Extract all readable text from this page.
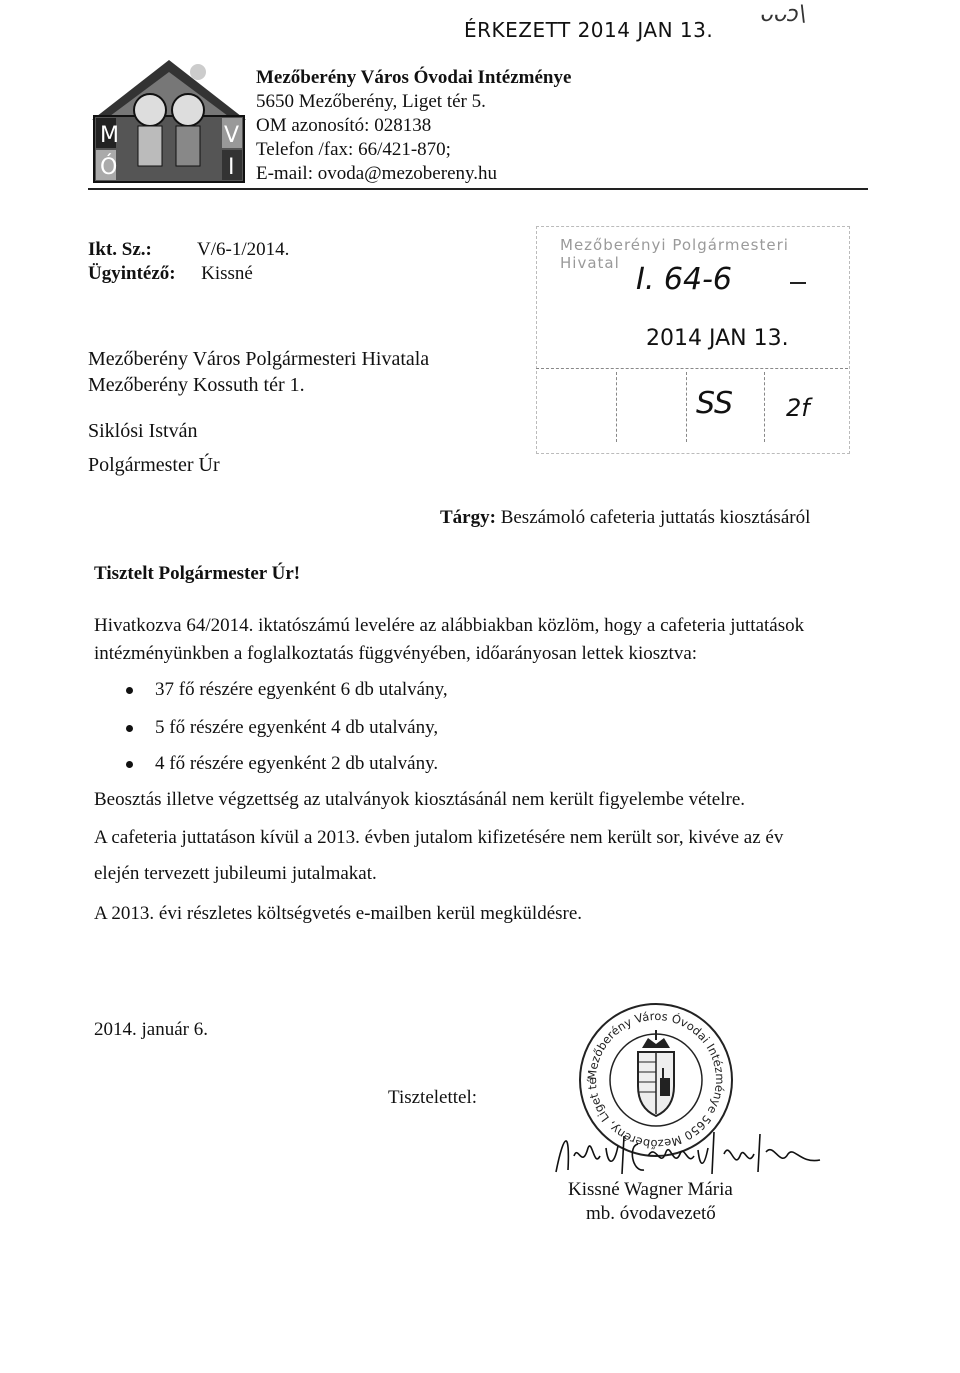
ÉRKEZETT 2014 JAN 13.
ᴗᴗɔ\
M	V
Ó	I
Mezőberény Város Óvodai Intézménye
5650 Mezőberény, Liget tér 5.
OM azonosító: 028138
Telefon /fax: 66/421-870;
E-mail: ovoda@mezobereny.hu
Ikt. Sz.: V/6-1/2014.
Ügyintéző: Kissné
Mezőberényi Polgármesteri Hivatal I. 64-6
2014 JAN 13.
SS 2f
Mezőberény Város Polgármesteri Hivatala
Mezőberény Kossuth tér 1.
Siklósi István
Polgármester Úr
Tárgy: Beszámoló cafeteria juttatás kiosztásáról
Tisztelt Polgármester Úr!
Hivatkozva 64/2014. iktatószámú levelére az alábbiakban közlöm, hogy a cafeteria juttatások
intézményünkben a foglalkoztatás függvényében, időarányosan lettek kiosztva:
37 fő részére egyenként 6 db utalvány,
5 fő részére egyenként 4 db utalvány,
4 fő részére egyenként 2 db utalvány.
Beosztás illetve végzettség az utalványok kiosztásánál nem került figyelembe vételre.
A cafeteria juttatáson kívül a 2013. évben jutalom kifizetésére nem került sor, kivéve az év
elején tervezett jubileumi jutalmakat.
A 2013. évi részletes költségvetés e-mailben kerül megküldésre.
2014. január 6.
Tisztelettel:
Mezőberény Város Óvodai Intézménye 5650 Mezőberény, Liget té
Kissné Wagner Mária
mb. óvodavezető
